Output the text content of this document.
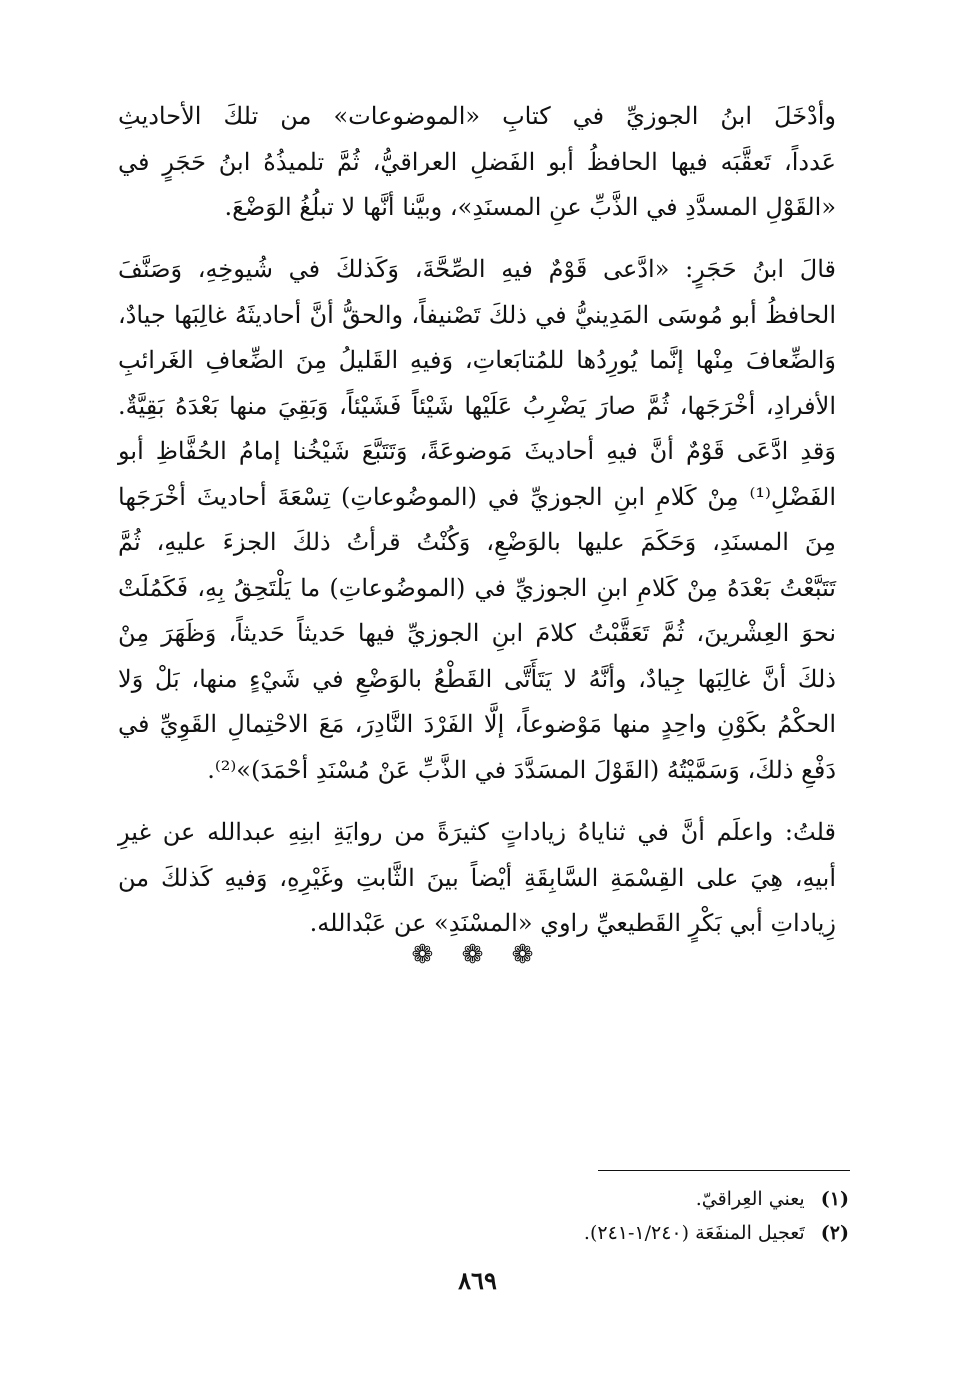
وأدْخَلَ ابنُ الجوزيِّ في كتابِ «الموضوعات» من تلكَ الأحاديثِ
عَدداً، تَعقَّبَه فيها الحافظُ أبو الفَضلِ العراقيُّ، ثُمَّ تلميذُهُ ابنُ حَجَرٍ في
«القَوْلِ المسدَّدِ في الذَّبِّ عنِ المسنَدِ»، وبيَّنا أنَّها لا تبلُغُ الوَضْعَ.
قالَ ابنُ حَجَرٍ: «ادَّعى قَوْمٌ فيهِ الصِّحَّةَ، وَكَذلكَ في شُيوخِهِ، وَصَنَّفَ
الحافظُ أبو مُوسَى المَدِينيُّ في ذلكَ تَصْنيفاً، والحقُّ أنَّ أحاديثَهُ غالِبَها جيادٌ،
وَالضِّعافَ مِنْها إنَّما يُورِدُها للمُتابَعاتِ، وَفيهِ القَليلُ مِنَ الضِّعافِ الغَرائبِ
الأفرادِ، أخْرَجَها، ثُمَّ صارَ يَضْرِبُ عَلَيْها شَيْئاً فَشَيْئاً، وَبَقِيَ منها بَعْدَهُ بَقِيَّةٌ.
وَقدِ ادَّعَى قَوْمٌ أنَّ فيهِ أحاديثَ مَوضوعَةً، وَتَتَبَّعَ شَيْخُنا إمامُ الحُفَّاظِ أبو
الفَضْلِ⁽¹⁾ مِنْ كَلامِ ابنِ الجوزيِّ في (الموضُوعاتِ) تِسْعَةَ أحاديثَ أخْرَجَها
مِنَ المسنَدِ، وَحَكَمَ عليها بالوَضْعِ، وَكُنْتُ قرأتُ ذلكَ الجزءَ عليهِ، ثُمَّ
تَتَبَّعْتُ بَعْدَهُ مِنْ كَلامِ ابنِ الجوزيِّ في (الموضُوعاتِ) ما يَلْتَحِقُ بِهِ، فَكَمُلَتْ
نحوَ العِشْرينَ، ثُمَّ تَعَقَّبْتُ كلامَ ابنِ الجوزيِّ فيها حَديثاً حَديثاً، وَظَهَرَ مِنْ
ذلكَ أنَّ غالِبَها جِيادٌ، وأنَّهُ لا يَتَأَتَّى القَطْعُ بالوَضْعِ في شَيْءٍ منها، بَلْ وَلا
الحكْمُ بكَوْنِ واحِدٍ منها مَوْضوعاً، إلَّا الفَرْدَ النَّادِرَ، مَعَ الاحْتِمالِ القَوِيِّ في
دَفْعِ ذلكَ، وَسَمَّيْتُهُ (القَوْلَ المسَدَّدَ في الذَّبِّ عَنْ مُسْنَدِ أحْمَدَ)»⁽²⁾.
قلتُ: واعلَم أنَّ في ثناياهُ زياداتٍ كثيرَةً من روايَةِ ابنِهِ عبدالله عن غيرِ
أبيهِ، هِيَ على القِسْمَةِ السَّابِقَةِ أيْضاً بينَ الثَّابتِ وغَيْرِهِ، وَفيهِ كَذلكَ من
زِياداتِ أبي بَكْرٍ القَطيعيِّ راوي «المسْنَدِ» عن عَبْدالله.
❁ ❁ ❁
(١) يعني العِراقيّ.
(٢) تَعجيل المنفَعَة (١/٢٤٠-٢٤١).
٨٦٩
